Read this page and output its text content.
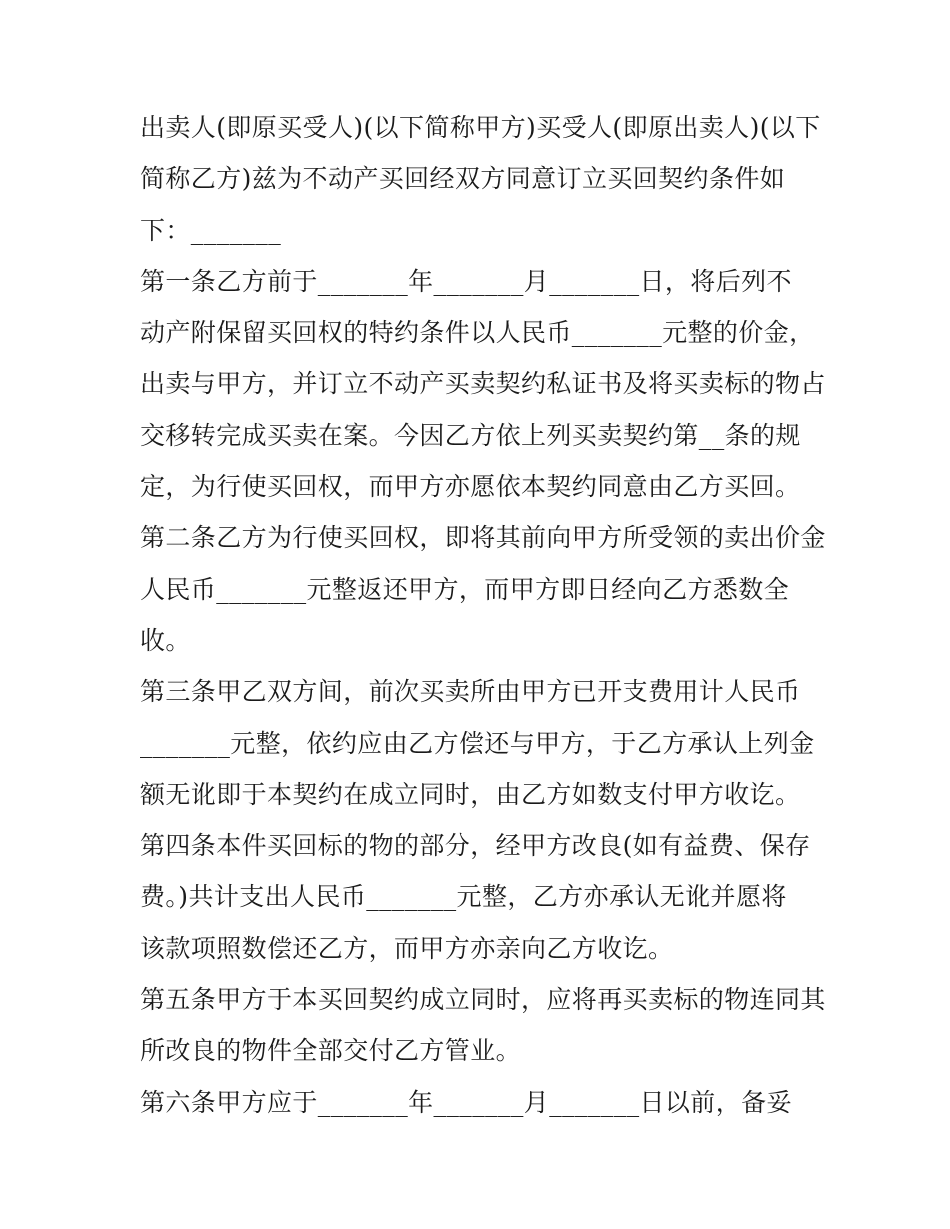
出卖人(即原买受人)(以下简称甲方)买受人(即原出卖人)(以下
简称乙方)兹为不动产买回经双方同意订立买回契约条件如
下：_______
第一条乙方前于_______年_______月_______日，将后列不
动产附保留买回权的特约条件以人民币_______元整的价金，
出卖与甲方，并订立不动产买卖契约私证书及将买卖标的物占
交移转完成买卖在案。今因乙方依上列买卖契约第__条的规
定，为行使买回权，而甲方亦愿依本契约同意由乙方买回。
第二条乙方为行使买回权，即将其前向甲方所受领的卖出价金
人民币_______元整返还甲方，而甲方即日经向乙方悉数全
收。
第三条甲乙双方间，前次买卖所由甲方已开支费用计人民币
_______元整，依约应由乙方偿还与甲方，于乙方承认上列金
额无讹即于本契约在成立同时，由乙方如数支付甲方收讫。
第四条本件买回标的物的部分，经甲方改良(如有益费、保存
费。)共计支出人民币_______元整，乙方亦承认无讹并愿将
该款项照数偿还乙方，而甲方亦亲向乙方收讫。
第五条甲方于本买回契约成立同时，应将再买卖标的物连同其
所改良的物件全部交付乙方管业。
第六条甲方应于_______年_______月_______日以前，备妥
